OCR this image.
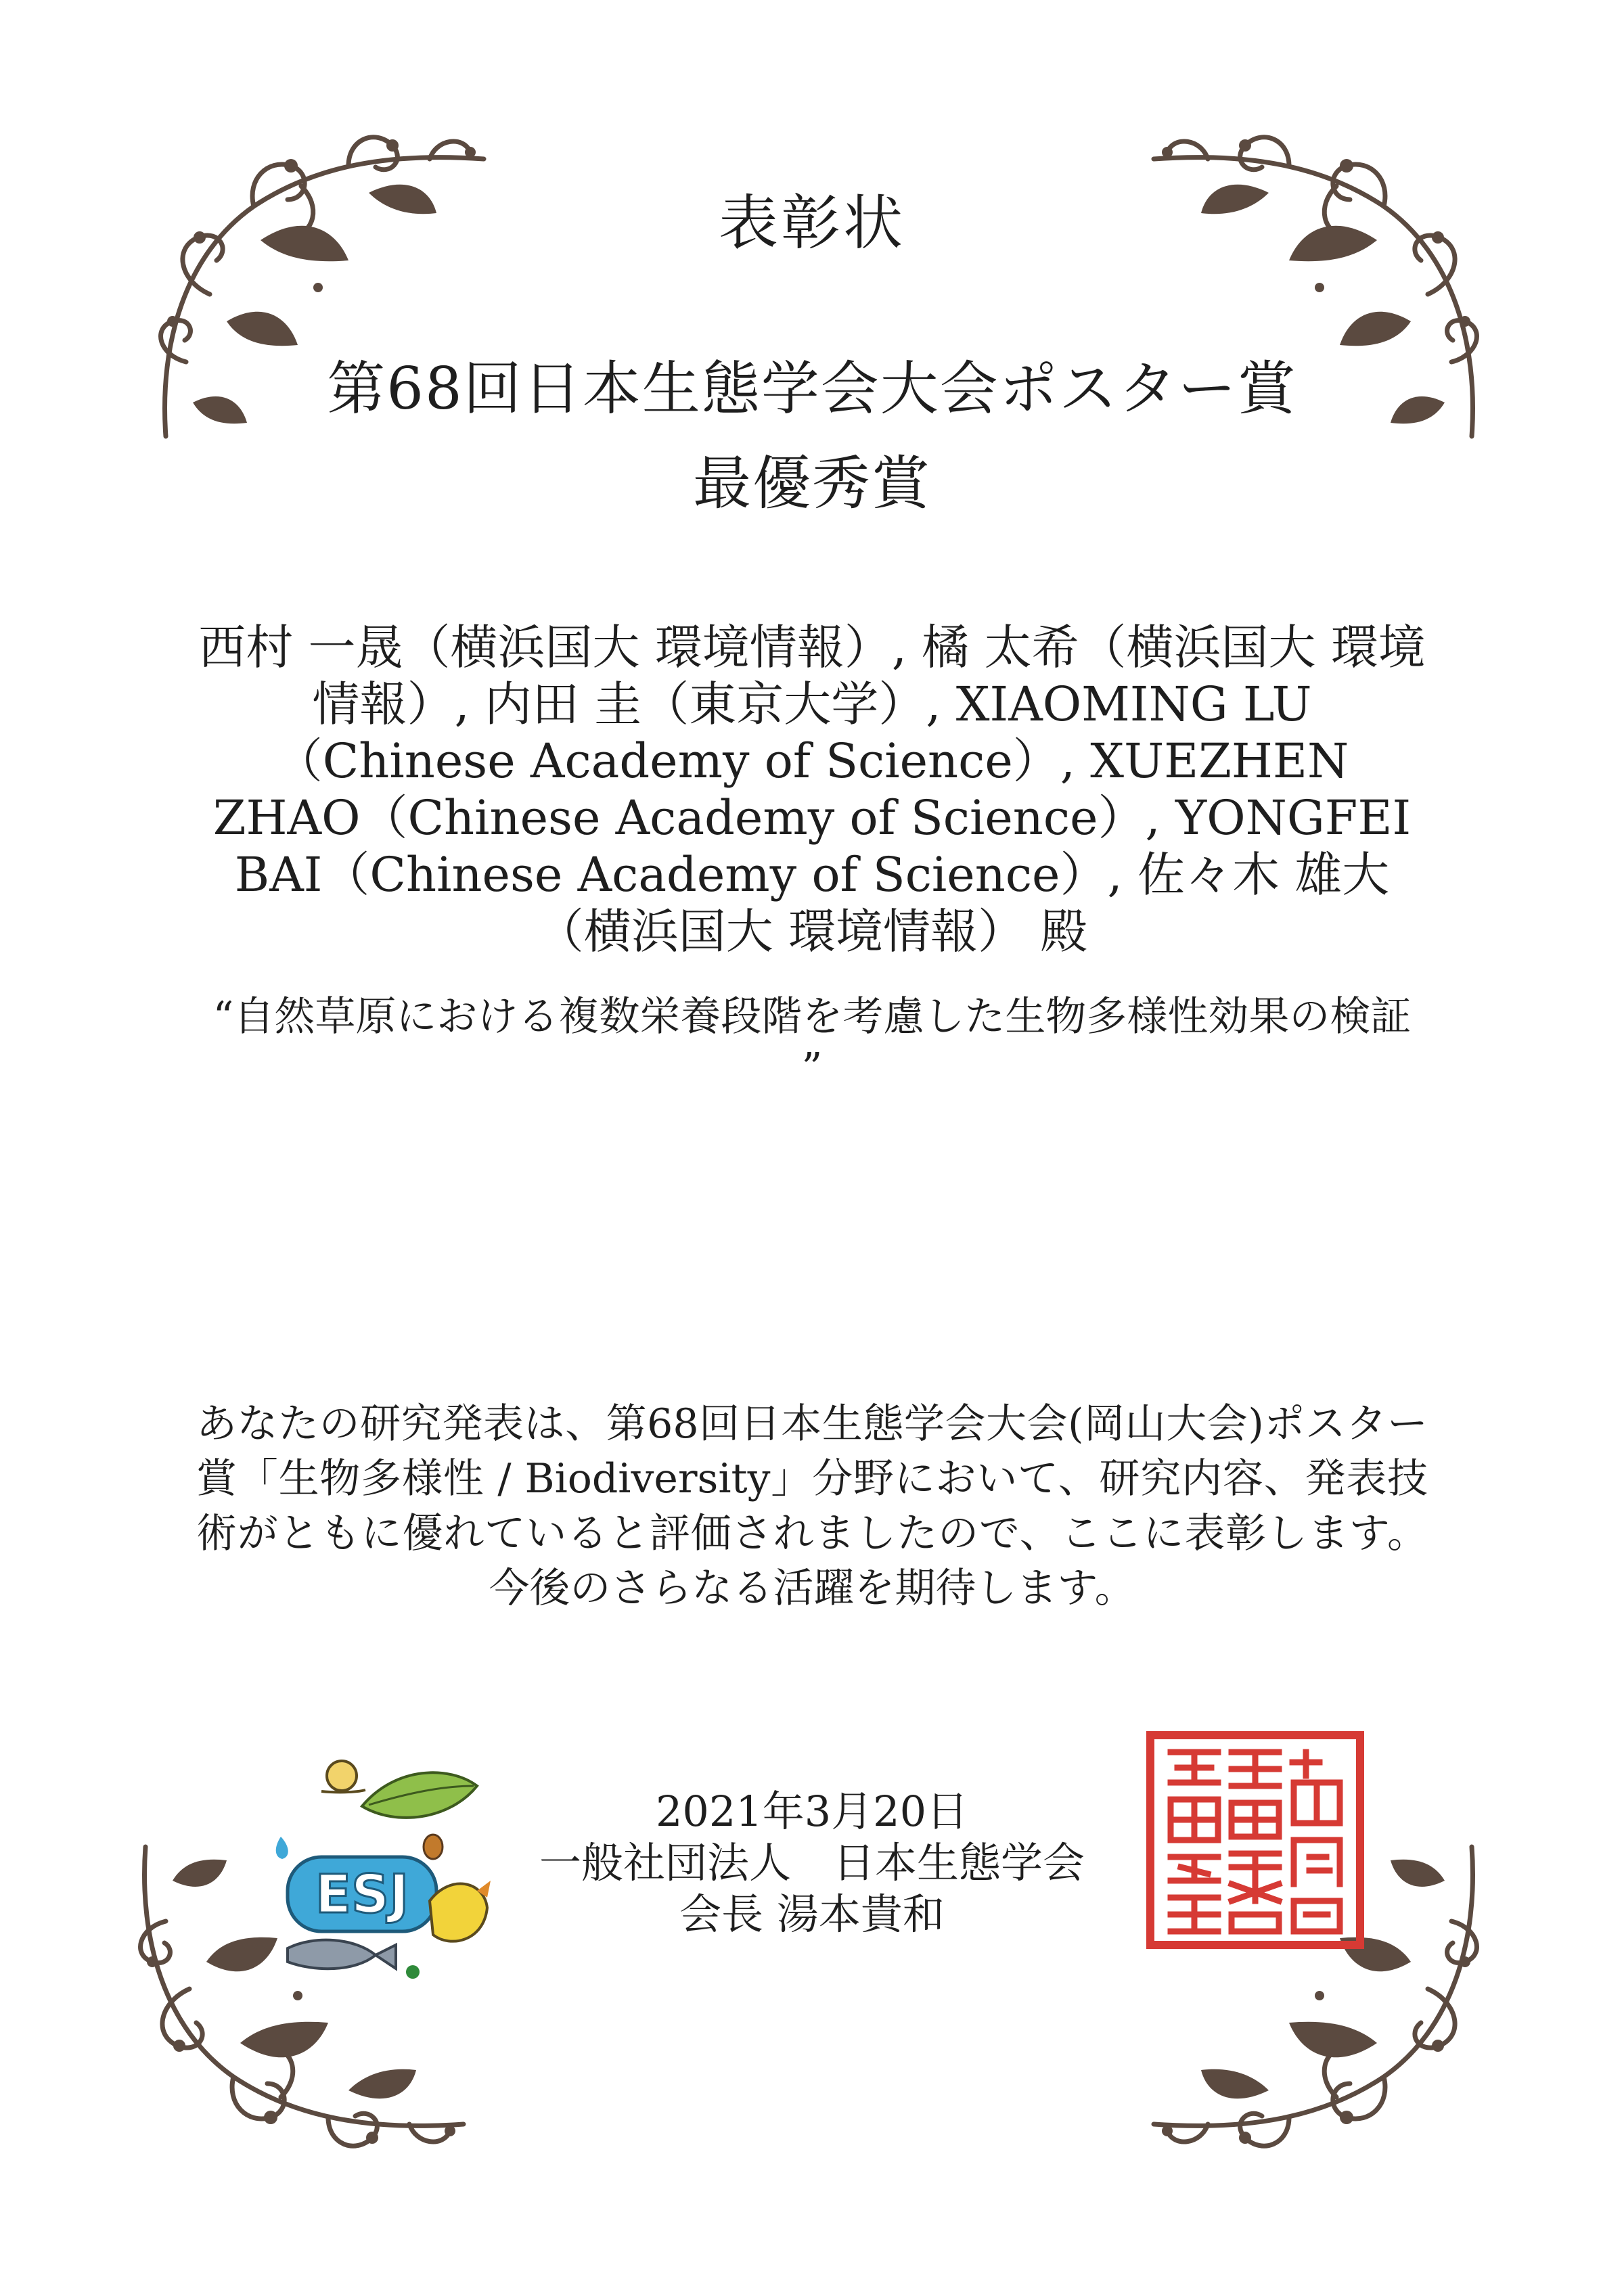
表彰状
第68回日本生態学会大会ポスター賞
最優秀賞
西村 一晟（横浜国大 環境情報）, 橘 太希（横浜国大 環境情報）, 内田 圭（東京大学）, XIAOMING LU（Chinese Academy of Science）, XUEZHEN ZHAO（Chinese Academy of Science）, YONGFEI BAI（Chinese Academy of Science）, 佐々木 雄大（横浜国大 環境情報） 殿
“自然草原における複数栄養段階を考慮した生物多様性効果の検証 ”
あなたの研究発表は、第68回日本生態学会大会(岡山大会)ポスター賞「生物多様性 / Biodiversity」分野において、研究内容、発表技術がともに優れていると評価されましたので、ここに表彰します。今後のさらなる活躍を期待します。
ESJ
2021年3月20日
一般社団法人　日本生態学会
会長 湯本貴和
